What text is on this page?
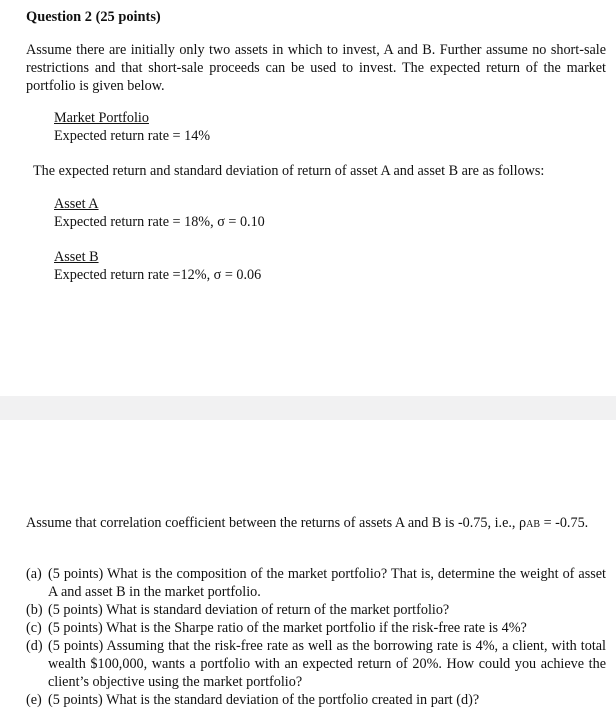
Question 2 (25 points)
Assume there are initially only two assets in which to invest, A and B. Further assume no short-sale restrictions and that short-sale proceeds can be used to invest. The expected return of the market portfolio is given below.
Market Portfolio
Expected return rate = 14%
The expected return and standard deviation of return of asset A and asset B are as follows:
Asset A
Expected return rate = 18%, σ = 0.10
Asset B
Expected return rate =12%, σ = 0.06
Assume that correlation coefficient between the returns of assets A and B is -0.75, i.e., ρAB = -0.75.
(a) (5 points) What is the composition of the market portfolio? That is, determine the weight of asset A and asset B in the market portfolio.
(b) (5 points) What is standard deviation of return of the market portfolio?
(c) (5 points) What is the Sharpe ratio of the market portfolio if the risk-free rate is 4%?
(d) (5 points) Assuming that the risk-free rate as well as the borrowing rate is 4%, a client, with total wealth $100,000, wants a portfolio with an expected return of 20%. How could you achieve the client’s objective using the market portfolio?
(e) (5 points) What is the standard deviation of the portfolio created in part (d)?
